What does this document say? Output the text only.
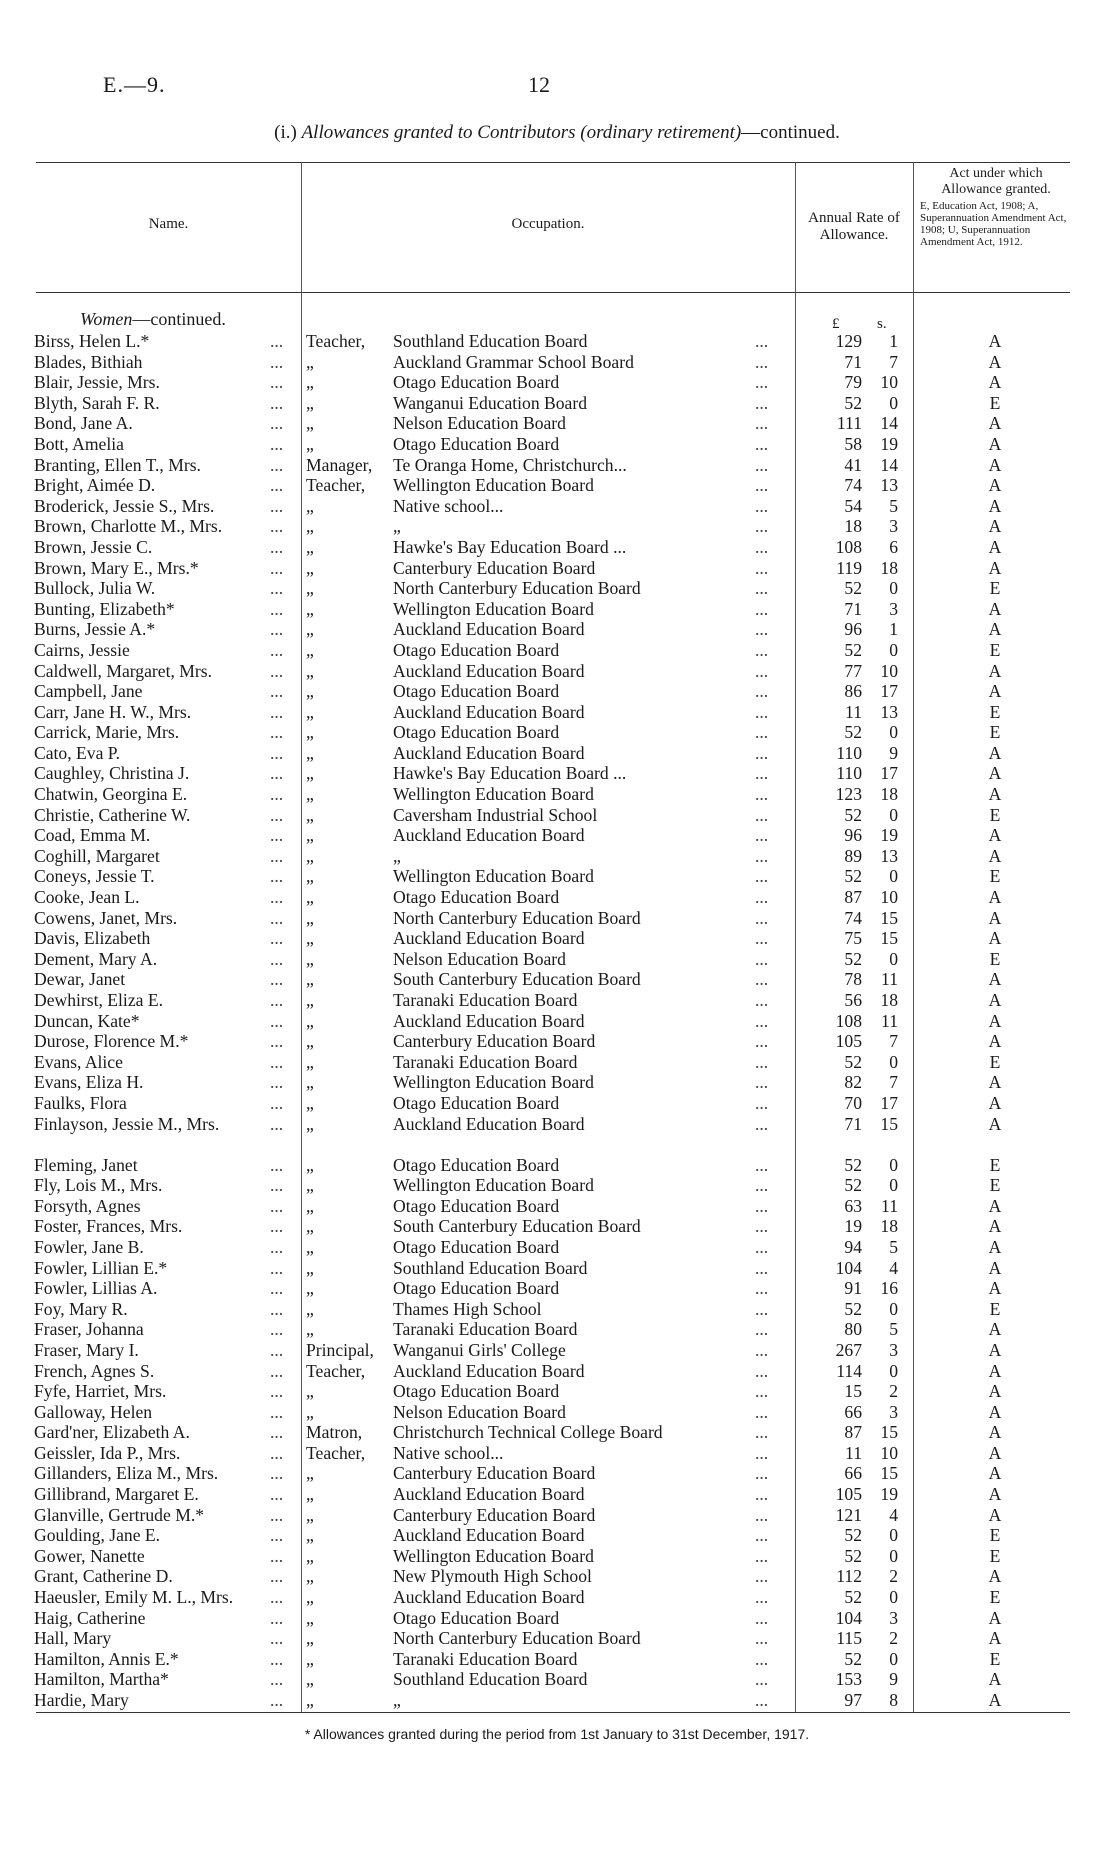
E.—9.	12
(i.) Allowances granted to Contributors (ordinary retirement)—continued.
Name.	Occupation.	Annual Rate of
Allowance.
Act under which
Allowance granted.
E, Education Act, 1908; A, Superannuation Amendment Act, 1908; U, Superannuation Amendment Act, 1912.
£	s.
Women—continued.
Birss, Helen L.*	... Teacher, Southland Education Board	...	129	1	A
Blades, Bithiah	... „	Auckland Grammar School Board	...	71	7	A
Blair, Jessie, Mrs.	... „	Otago Education Board	...	79	10	A
Blyth, Sarah F. R.	... „	Wanganui Education Board	...	52	0	E
Bond, Jane A.	... „	Nelson Education Board	...	111	14	A
Bott, Amelia	... „	Otago Education Board	...	58	19	A
Branting, Ellen T., Mrs.	... Manager, Te Oranga Home, Christchurch...	...	41	14	A
Bright, Aimée D.	... Teacher, Wellington Education Board	...	74	13	A
Broderick, Jessie S., Mrs.	... „	Native school...	...	54	5	A
Brown, Charlotte M., Mrs.	... „	„	...	18	3	A
Brown, Jessie C.	... „	Hawke's Bay Education Board ...	...	108	6	A
Brown, Mary E., Mrs.*	... „	Canterbury Education Board	...	119	18	A
Bullock, Julia W.	... „	North Canterbury Education Board	...	52	0	E
Bunting, Elizabeth*	... „	Wellington Education Board	...	71	3	A
Burns, Jessie A.*	... „	Auckland Education Board	...	96	1	A
Cairns, Jessie	... „	Otago Education Board	...	52	0	E
Caldwell, Margaret, Mrs.	... „	Auckland Education Board	...	77	10	A
Campbell, Jane	... „	Otago Education Board	...	86	17	A
Carr, Jane H. W., Mrs.	... „	Auckland Education Board	...	11	13	E
Carrick, Marie, Mrs.	... „	Otago Education Board	...	52	0	E
Cato, Eva P.	... „	Auckland Education Board	...	110	9	A
Caughley, Christina J.	... „	Hawke's Bay Education Board ...	...	110	17	A
Chatwin, Georgina E.	... „	Wellington Education Board	...	123	18	A
Christie, Catherine W.	... „	Caversham Industrial School	...	52	0	E
Coad, Emma M.	... „	Auckland Education Board	...	96	19	A
Coghill, Margaret	... „	„	...	89	13	A
Coneys, Jessie T.	... „	Wellington Education Board	...	52	0	E
Cooke, Jean L.	... „	Otago Education Board	...	87	10	A
Cowens, Janet, Mrs.	... „	North Canterbury Education Board	...	74	15	A
Davis, Elizabeth	... „	Auckland Education Board	...	75	15	A
Dement, Mary A.	... „	Nelson Education Board	...	52	0	E
Dewar, Janet	... „	South Canterbury Education Board	...	78	11	A
Dewhirst, Eliza E.	... „	Taranaki Education Board	...	56	18	A
Duncan, Kate*	... „	Auckland Education Board	...	108	11	A
Durose, Florence M.*	... „	Canterbury Education Board	...	105	7	A
Evans, Alice	... „	Taranaki Education Board	...	52	0	E
Evans, Eliza H.	... „	Wellington Education Board	...	82	7	A
Faulks, Flora	... „	Otago Education Board	...	70	17	A
Finlayson, Jessie M., Mrs.	... „	Auckland Education Board	...	71	15	A
Fleming, Janet	... „	Otago Education Board	...	52	0	E
Fly, Lois M., Mrs.	... „	Wellington Education Board	...	52	0	E
Forsyth, Agnes	... „	Otago Education Board	...	63	11	A
Foster, Frances, Mrs.	... „	South Canterbury Education Board	...	19	18	A
Fowler, Jane B.	... „	Otago Education Board	...	94	5	A
Fowler, Lillian E.*	... „	Southland Education Board	...	104	4	A
Fowler, Lillias A.	... „	Otago Education Board	...	91	16	A
Foy, Mary R.	... „	Thames High School	...	52	0	E
Fraser, Johanna	... „	Taranaki Education Board	...	80	5	A
Fraser, Mary I.	... Principal, Wanganui Girls' College	...	267	3	A
French, Agnes S.	... Teacher, Auckland Education Board	...	114	0	A
Fyfe, Harriet, Mrs.	... „	Otago Education Board	...	15	2	A
Galloway, Helen	... „	Nelson Education Board	...	66	3	A
Gard'ner, Elizabeth A.	... Matron, Christchurch Technical College Board	...	87	15	A
Geissler, Ida P., Mrs.	... Teacher, Native school...	...	11	10	A
Gillanders, Eliza M., Mrs.	... „	Canterbury Education Board	...	66	15	A
Gillibrand, Margaret E.	... „	Auckland Education Board	...	105	19	A
Glanville, Gertrude M.*	... „	Canterbury Education Board	...	121	4	A
Goulding, Jane E.	... „	Auckland Education Board	...	52	0	E
Gower, Nanette	... „	Wellington Education Board	...	52	0	E
Grant, Catherine D.	... „	New Plymouth High School	...	112	2	A
Haeusler, Emily M. L., Mrs.	... „	Auckland Education Board	...	52	0	E
Haig, Catherine	... „	Otago Education Board	...	104	3	A
Hall, Mary	... „	North Canterbury Education Board	...	115	2	A
Hamilton, Annis E.*	... „	Taranaki Education Board	...	52	0	E
Hamilton, Martha*	... „	Southland Education Board	...	153	9	A
Hardie, Mary	... „	„	...	97	8	A
* Allowances granted during the period from 1st January to 31st December, 1917.
